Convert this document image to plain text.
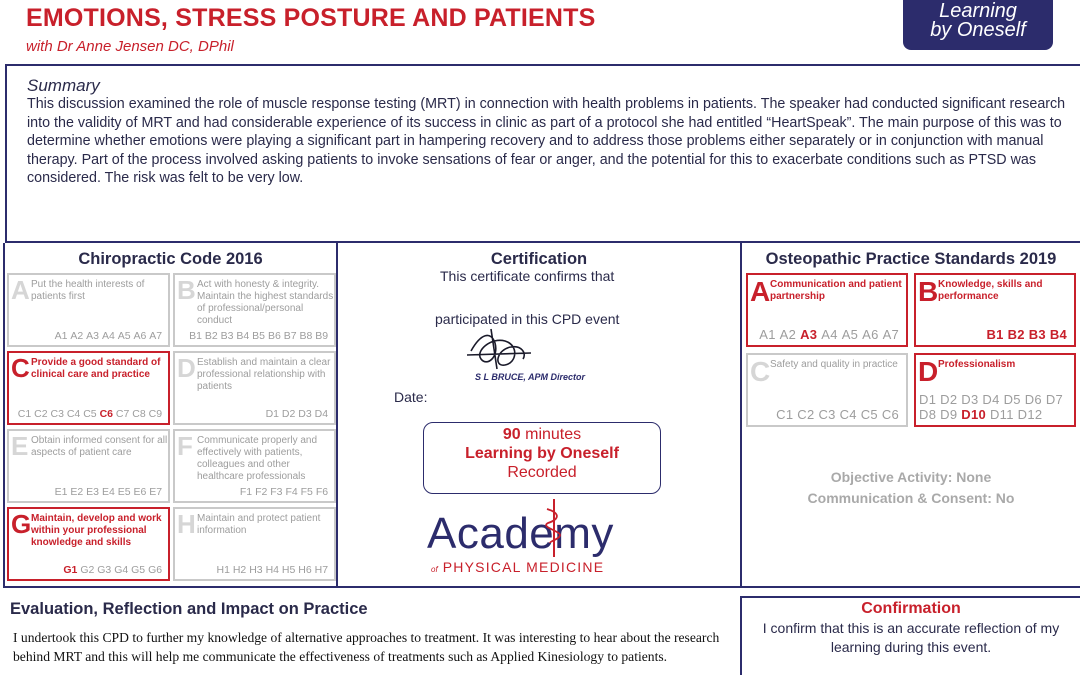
EMOTIONS, STRESS POSTURE AND PATIENTS
with Dr Anne Jensen DC, DPhil
Learning
by Oneself
Summary
This discussion examined the role of muscle response testing (MRT) in connection with health problems in patients. The speaker had conducted significant research into the validity of MRT and had considerable experience of its success in clinic as part of a protocol she had entitled “HeartSpeak”. The main purpose of this was to determine whether emotions were playing a significant part in hampering recovery and to address those problems either separately or in conjunction with manual therapy. Part of the process involved asking patients to invoke sensations of fear or anger, and the potential for this to exacerbate conditions such as PTSD was considered. The risk was felt to be very low.
Chiropractic Code 2016
A Put the health interests of patients first
A1 A2 A3 A4 A5 A6 A7
B Act with honesty & integrity. Maintain the highest standards of professional/personal conduct
B1 B2 B3 B4 B5 B6 B7 B8 B9
C Provide a good standard of clinical care and practice
C1 C2 C3 C4 C5 C6 C7 C8 C9
D Establish and maintain a clear professional relationship with patients
D1 D2 D3 D4
E Obtain informed consent for all aspects of patient care
E1 E2 E3 E4 E5 E6 E7
F Communicate properly and effectively with patients, colleagues and other healthcare professionals
F1 F2 F3 F4 F5 F6
G Maintain, develop and work within your professional knowledge and skills
G1 G2 G3 G4 G5 G6
H Maintain and protect patient information
H1 H2 H3 H4 H5 H6 H7
Certification
This certificate confirms that
participated in this CPD event
S L BRUCE, APM Director
Date:
90 minutes
Learning by Oneself
Recorded
Academy
of PHYSICAL MEDICINE
Osteopathic Practice Standards 2019
A Communication and patient partnership
A1 A2 A3 A4 A5 A6 A7
B Knowledge, skills and performance
B1 B2 B3 B4
C Safety and quality in practice
C1 C2 C3 C4 C5 C6
D Professionalism
D1 D2 D3 D4 D5 D6 D7 D8 D9 D10 D11 D12
Objective Activity: None
Communication & Consent: No
Evaluation, Reflection and Impact on Practice
I undertook this CPD to further my knowledge of alternative approaches to treatment. It was interesting to hear about the research behind MRT and this will help me communicate the effectiveness of treatments such as Applied Kinesiology to patients.
Confirmation
I confirm that this is an accurate reflection of my learning during this event.
